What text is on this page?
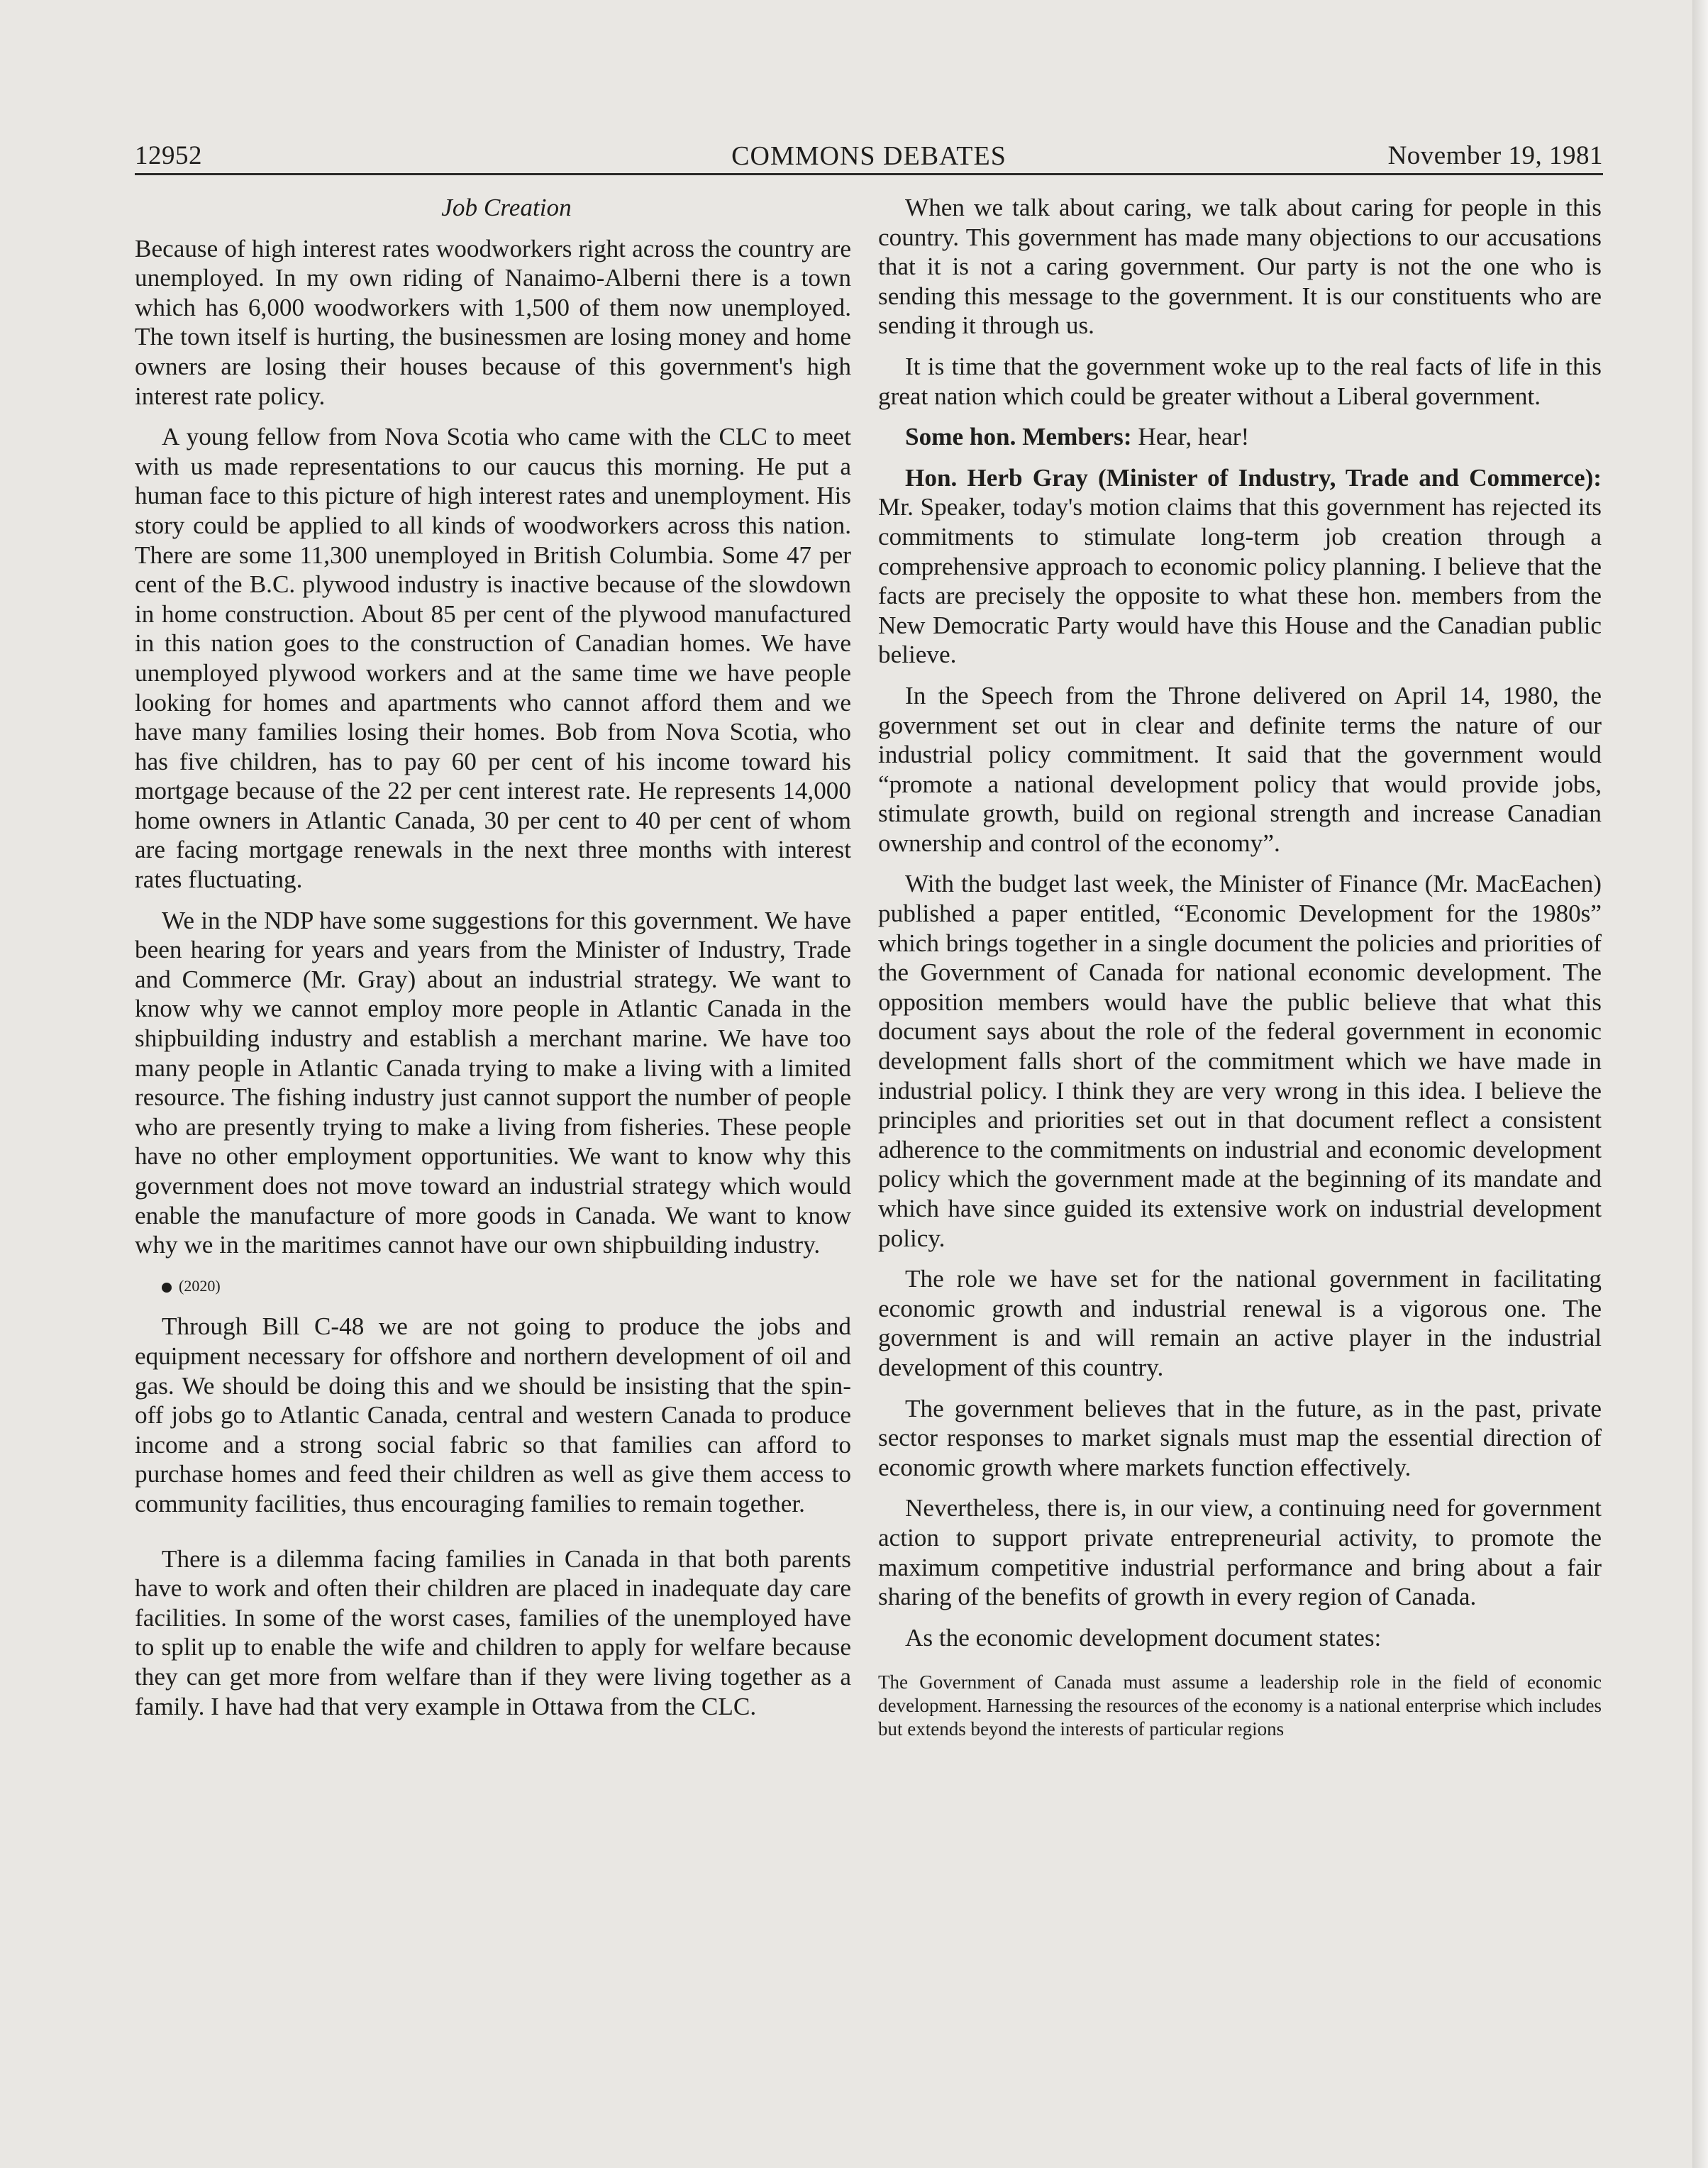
12952	COMMONS DEBATES	November 19, 1981

Job Creation

Because of high interest rates woodworkers right across the country are unemployed. In my own riding of Nanaimo-Alberni there is a town which has 6,000 woodworkers with 1,500 of them now unemployed. The town itself is hurting, the businessmen are losing money and home owners are losing their houses because of this government's high interest rate policy.

A young fellow from Nova Scotia who came with the CLC to meet with us made representations to our caucus this morning. He put a human face to this picture of high interest rates and unemployment. His story could be applied to all kinds of woodworkers across this nation. There are some 11,300 unemployed in British Columbia. Some 47 per cent of the B.C. plywood industry is inactive because of the slowdown in home construction. About 85 per cent of the plywood manufactured in this nation goes to the construction of Canadian homes. We have unemployed plywood workers and at the same time we have people looking for homes and apartments who cannot afford them and we have many families losing their homes. Bob from Nova Scotia, who has five children, has to pay 60 per cent of his income toward his mortgage because of the 22 per cent interest rate. He represents 14,000 home owners in Atlantic Canada, 30 per cent to 40 per cent of whom are facing mortgage renewals in the next three months with interest rates fluctuating.

We in the NDP have some suggestions for this government. We have been hearing for years and years from the Minister of Industry, Trade and Commerce (Mr. Gray) about an industrial strategy. We want to know why we cannot employ more people in Atlantic Canada in the shipbuilding industry and establish a merchant marine. We have too many people in Atlantic Canada trying to make a living with a limited resource. The fishing industry just cannot support the number of people who are presently trying to make a living from fisheries. These people have no other employment opportunities. We want to know why this government does not move toward an industrial strategy which would enable the manufacture of more goods in Canada. We want to know why we in the maritimes cannot have our own shipbuilding industry.

(2020)

Through Bill C-48 we are not going to produce the jobs and equipment necessary for offshore and northern development of oil and gas. We should be doing this and we should be insisting that the spin-off jobs go to Atlantic Canada, central and western Canada to produce income and a strong social fabric so that families can afford to purchase homes and feed their children as well as give them access to community facilities, thus encouraging families to remain together.

There is a dilemma facing families in Canada in that both parents have to work and often their children are placed in inadequate day care facilities. In some of the worst cases, families of the unemployed have to split up to enable the wife and children to apply for welfare because they can get more from welfare than if they were living together as a family. I have had that very example in Ottawa from the CLC.

When we talk about caring, we talk about caring for people in this country. This government has made many objections to our accusations that it is not a caring government. Our party is not the one who is sending this message to the government. It is our constituents who are sending it through us.

It is time that the government woke up to the real facts of life in this great nation which could be greater without a Liberal government.

Some hon. Members: Hear, hear!

Hon. Herb Gray (Minister of Industry, Trade and Commerce): Mr. Speaker, today's motion claims that this government has rejected its commitments to stimulate long-term job creation through a comprehensive approach to economic policy planning. I believe that the facts are precisely the opposite to what these hon. members from the New Democratic Party would have this House and the Canadian public believe.

In the Speech from the Throne delivered on April 14, 1980, the government set out in clear and definite terms the nature of our industrial policy commitment. It said that the government would “promote a national development policy that would provide jobs, stimulate growth, build on regional strength and increase Canadian ownership and control of the economy”.

With the budget last week, the Minister of Finance (Mr. MacEachen) published a paper entitled, “Economic Development for the 1980s” which brings together in a single document the policies and priorities of the Government of Canada for national economic development. The opposition members would have the public believe that what this document says about the role of the federal government in economic development falls short of the commitment which we have made in industrial policy. I think they are very wrong in this idea. I believe the principles and priorities set out in that document reflect a consistent adherence to the commitments on industrial and economic development policy which the government made at the beginning of its mandate and which have since guided its extensive work on industrial development policy.

The role we have set for the national government in facilitating economic growth and industrial renewal is a vigorous one. The government is and will remain an active player in the industrial development of this country.

The government believes that in the future, as in the past, private sector responses to market signals must map the essential direction of economic growth where markets function effectively.

Nevertheless, there is, in our view, a continuing need for government action to support private entrepreneurial activity, to promote the maximum competitive industrial performance and bring about a fair sharing of the benefits of growth in every region of Canada.

As the economic development document states:

The Government of Canada must assume a leadership role in the field of economic development. Harnessing the resources of the economy is a national enterprise which includes but extends beyond the interests of particular regions
